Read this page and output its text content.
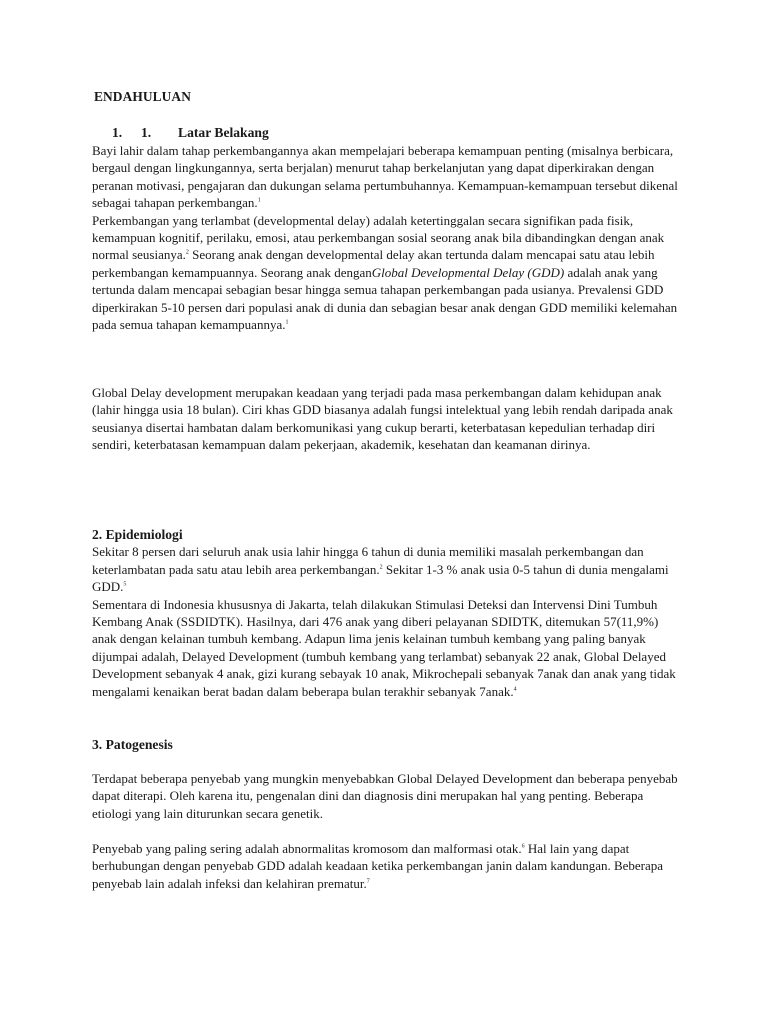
ENDAHULUAN
1. 1. Latar Belakang

Bayi lahir dalam tahap perkembangannya akan mempelajari beberapa kemampuan penting (misalnya berbicara, bergaul dengan lingkungannya, serta berjalan) menurut tahap berkelanjutan yang dapat diperkirakan dengan peranan motivasi, pengajaran dan dukungan selama pertumbuhannya. Kemampuan-kemampuan tersebut dikenal sebagai tahapan perkembangan.$^1$

Perkembangan yang terlambat (developmental delay) adalah ketertinggalan secara signifikan pada fisik, kemampuan kognitif, perilaku, emosi, atau perkembangan sosial seorang anak bila dibandingkan dengan anak normal seusianya.$^2$ Seorang anak dengan developmental delay akan tertunda dalam mencapai satu atau lebih perkembangan kemampuannya. Seorang anak denganGlobal Developmental Delay (GDD) adalah anak yang tertunda dalam mencapai sebagian besar hingga semua tahapan perkembangan pada usianya. Prevalensi GDD diperkirakan 5-10 persen dari populasi anak di dunia dan sebagian besar anak dengan GDD memiliki kelemahan pada semua tahapan kemampuannya.$^1$

Global Delay development merupakan keadaan yang terjadi pada masa perkembangan dalam kehidupan anak (lahir hingga usia 18 bulan). Ciri khas GDD biasanya adalah fungsi intelektual yang lebih rendah daripada anak seusianya disertai hambatan dalam berkomunikasi yang cukup berarti, keterbatasan kepedulian terhadap diri sendiri, keterbatasan kemampuan dalam pekerjaan, akademik, kesehatan dan keamanan dirinya.

2. Epidemiologi

Sekitar 8 persen dari seluruh anak usia lahir hingga 6 tahun di dunia memiliki masalah perkembangan dan keterlambatan pada satu atau lebih area perkembangan.$^2$ Sekitar 1-3 % anak usia 0-5 tahun di dunia mengalami GDD.$^5$

Sementara di Indonesia khususnya di Jakarta, telah dilakukan Stimulasi Deteksi dan Intervensi Dini Tumbuh Kembang Anak (SSDIDTK). Hasilnya, dari 476 anak yang diberi pelayanan SDIDTK, ditemukan 57(11,9%) anak dengan kelainan tumbuh kembang. Adapun lima jenis kelainan tumbuh kembang yang paling banyak dijumpai adalah, Delayed Development (tumbuh kembang yang terlambat) sebanyak 22 anak, Global Delayed Development sebanyak 4 anak, gizi kurang sebayak 10 anak, Mikrochepali sebanyak 7anak dan anak yang tidak mengalami kenaikan berat badan dalam beberapa bulan terakhir sebanyak 7anak.$^4$

3. Patogenesis

Terdapat beberapa penyebab yang mungkin menyebabkan Global Delayed Development dan beberapa penyebab dapat diterapi. Oleh karena itu, pengenalan dini dan diagnosis dini merupakan hal yang penting. Beberapa etiologi yang lain diturunkan secara genetik.

Penyebab yang paling sering adalah abnormalitas kromosom dan malformasi otak.$^6$ Hal lain yang dapat berhubungan dengan penyebab GDD adalah keadaan ketika perkembangan janin dalam kandungan. Beberapa penyebab lain adalah infeksi dan kelahiran prematur.$^7$
